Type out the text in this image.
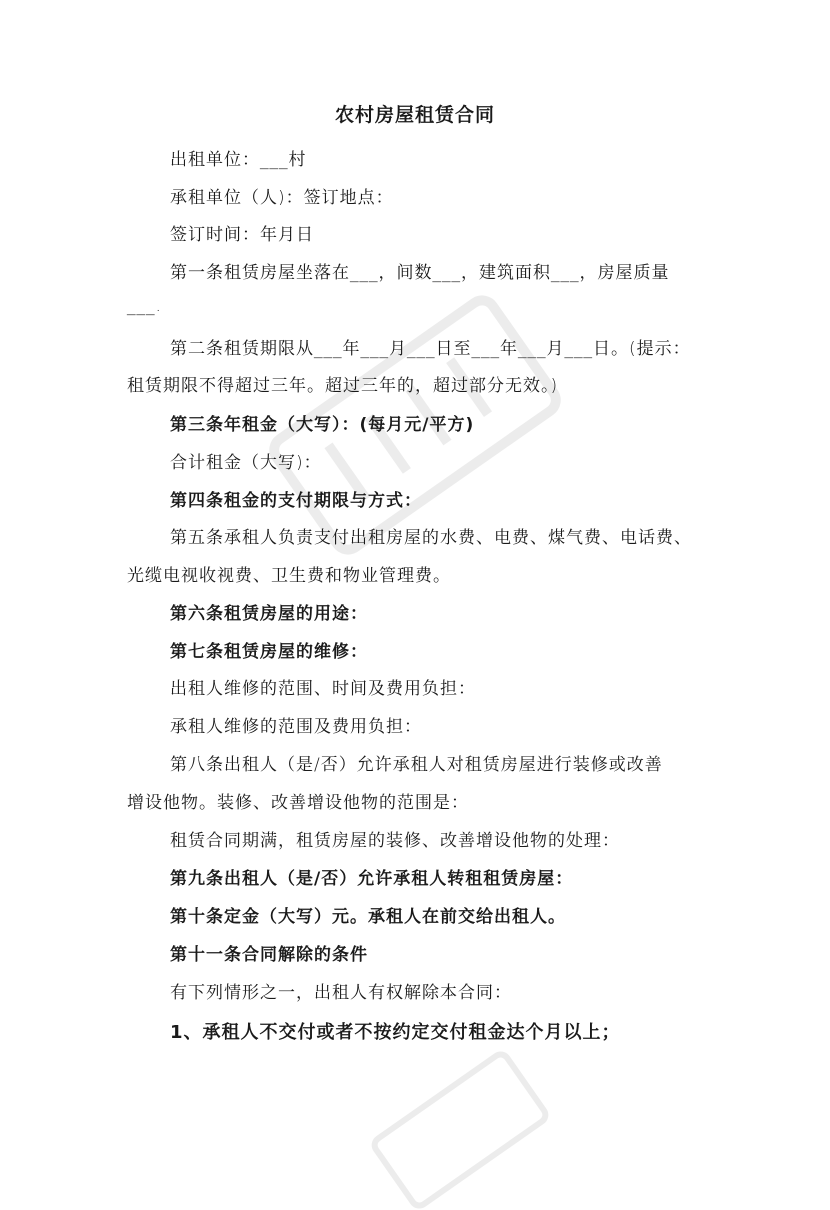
农村房屋租赁合同

出租单位：___村

承租单位（人)：签订地点：

签订时间：年月日

第一条租赁房屋坐落在___，间数___，建筑面积___，房屋质量

___.

第二条租赁期限从___年___月___日至___年___月___日。(提示：

租赁期限不得超过三年。超过三年的，超过部分无效。)

第三条年租金（大写）：(每月元/平方)

合计租金（大写)：

第四条租金的支付期限与方式：

第五条承租人负责支付出租房屋的水费、电费、煤气费、电话费、

光缆电视收视费、卫生费和物业管理费。

第六条租赁房屋的用途：

第七条租赁房屋的维修：

出租人维修的范围、时间及费用负担：

承租人维修的范围及费用负担：

第八条出租人（是/否）允许承租人对租赁房屋进行装修或改善

增设他物。装修、改善增设他物的范围是：

租赁合同期满，租赁房屋的装修、改善增设他物的处理：

第九条出租人（是/否）允许承租人转租租赁房屋：

第十条定金（大写）元。承租人在前交给出租人。

第十一条合同解除的条件

有下列情形之一，出租人有权解除本合同：

1、承租人不交付或者不按约定交付租金达个月以上；
